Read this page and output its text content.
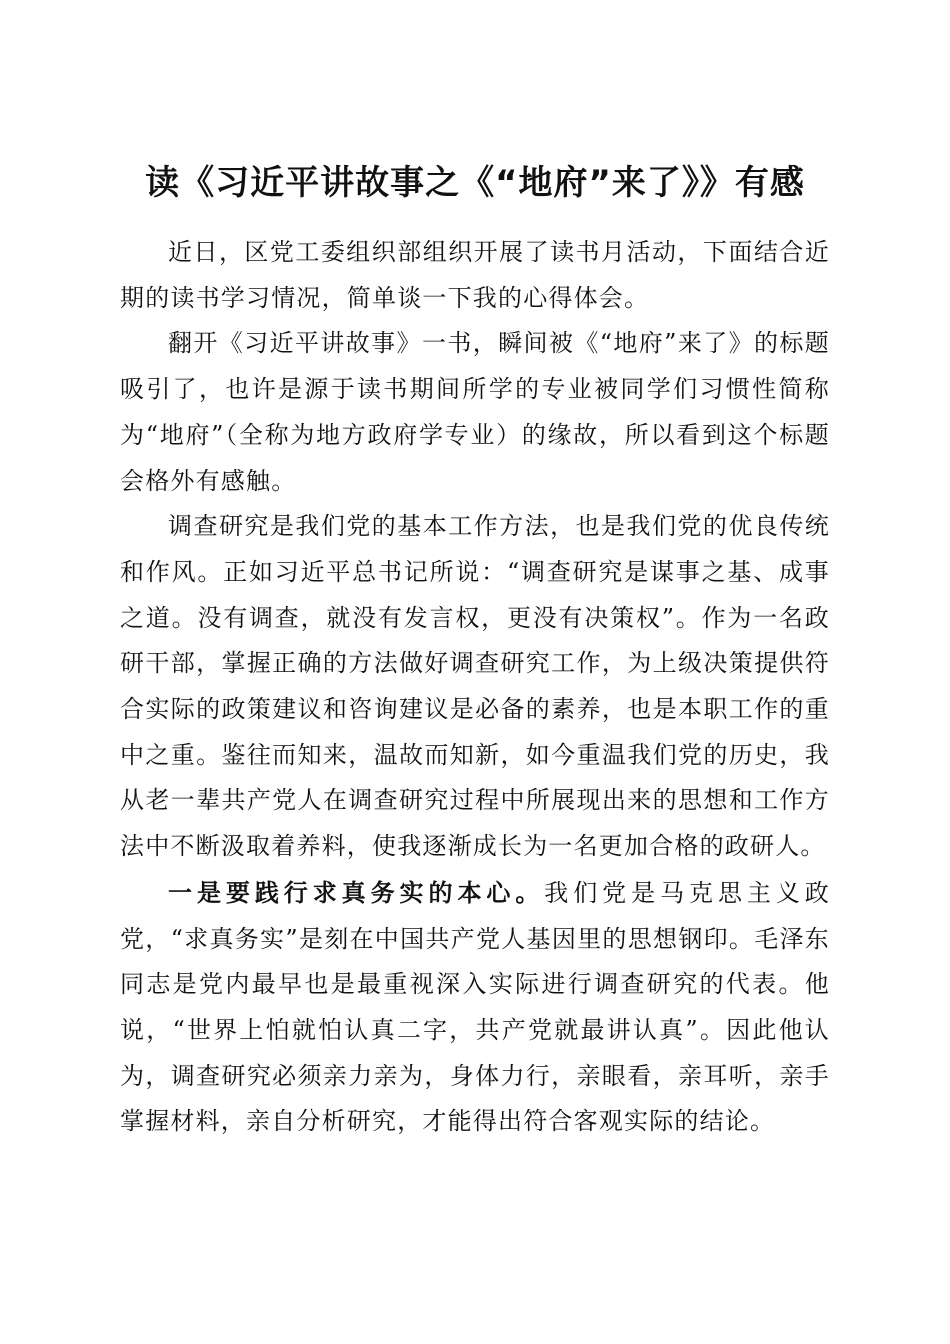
读《习近平讲故事之《“地府”来了》》有感

近日，区党工委组织部组织开展了读书月活动，下面结合近期的读书学习情况，简单谈一下我的心得体会。

翻开《习近平讲故事》一书，瞬间被《“地府”来了》的标题吸引了，也许是源于读书期间所学的专业被同学们习惯性简称为“地府”（全称为地方政府学专业）的缘故，所以看到这个标题会格外有感触。

调查研究是我们党的基本工作方法，也是我们党的优良传统和作风。正如习近平总书记所说：“调查研究是谋事之基、成事之道。没有调查，就没有发言权，更没有决策权”。作为一名政研干部，掌握正确的方法做好调查研究工作，为上级决策提供符合实际的政策建议和咨询建议是必备的素养，也是本职工作的重中之重。鉴往而知来，温故而知新，如今重温我们党的历史，我从老一辈共产党人在调查研究过程中所展现出来的思想和工作方法中不断汲取着养料，使我逐渐成长为一名更加合格的政研人。

一是要践行求真务实的本心。我们党是马克思主义政党，“求真务实”是刻在中国共产党人基因里的思想钢印。毛泽东同志是党内最早也是最重视深入实际进行调查研究的代表。他说，“世界上怕就怕认真二字，共产党就最讲认真”。因此他认为，调查研究必须亲力亲为，身体力行，亲眼看，亲耳听，亲手掌握材料，亲自分析研究，才能得出符合客观实际的结论。
